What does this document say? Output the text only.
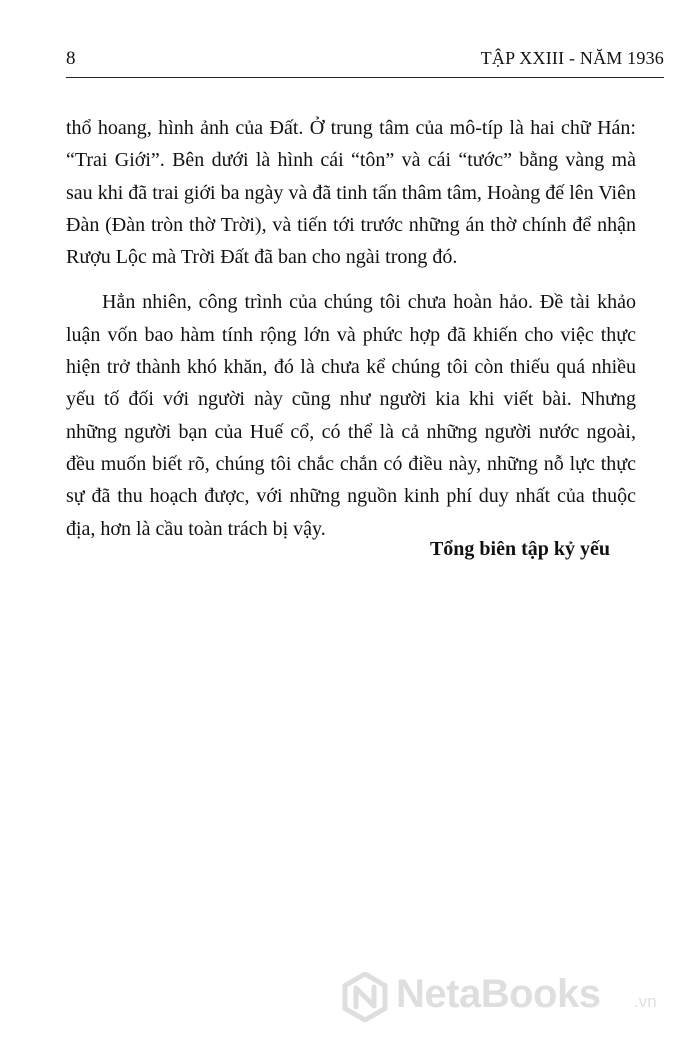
8	TẬP XXIII - NĂM 1936

thổ hoang, hình ảnh của Đất. Ở trung tâm của mô-típ là hai chữ Hán: “Trai Giới”. Bên dưới là hình cái “tôn” và cái “tước” bằng vàng mà sau khi đã trai giới ba ngày và đã tinh tấn thâm tâm, Hoàng đế lên Viên Đàn (Đàn tròn thờ Trời), và tiến tới trước những án thờ chính để nhận Rượu Lộc mà Trời Đất đã ban cho ngài trong đó.

Hẳn nhiên, công trình của chúng tôi chưa hoàn hảo. Đề tài khảo luận vốn bao hàm tính rộng lớn và phức hợp đã khiến cho việc thực hiện trở thành khó khăn, đó là chưa kể chúng tôi còn thiếu quá nhiều yếu tố đối với người này cũng như người kia khi viết bài. Nhưng những người bạn của Huế cổ, có thể là cả những người nước ngoài, đều muốn biết rõ, chúng tôi chắc chắn có điều này, những nỗ lực thực sự đã thu hoạch được, với những nguồn kinh phí duy nhất của thuộc địa, hơn là cầu toàn trách bị vậy.

Tổng biên tập kỷ yếu
NetaBooks .vn
